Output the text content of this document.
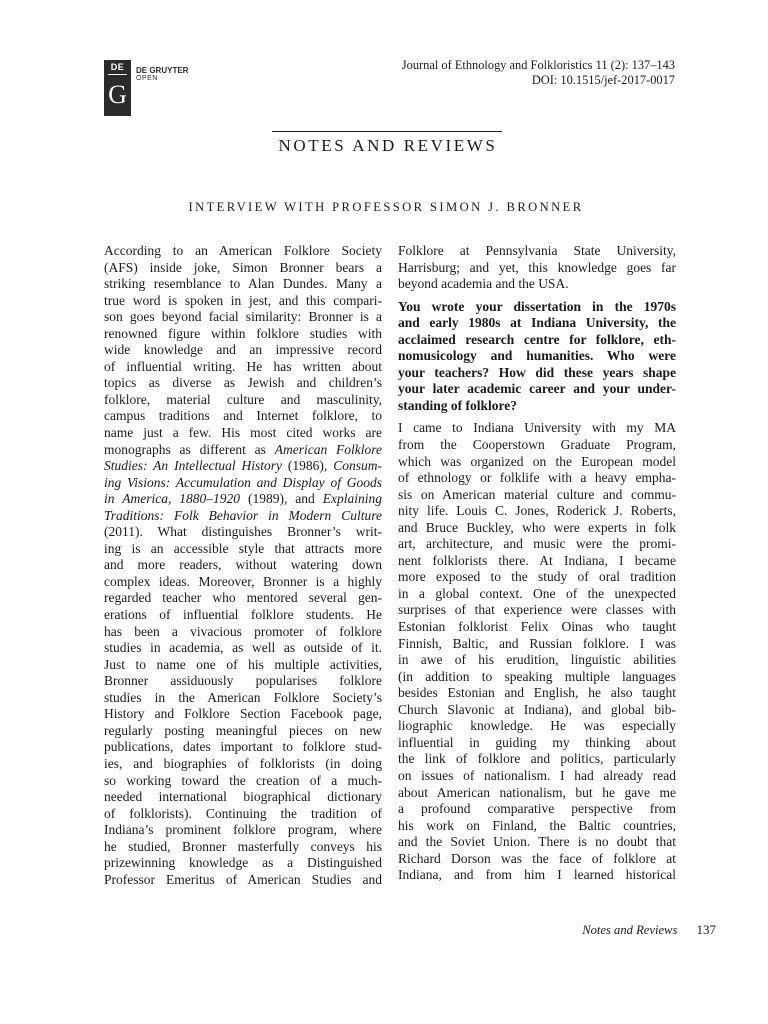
DE
G
DE GRUYTER
OPEN
Journal of Ethnology and Folkloristics 11 (2): 137–143
DOI: 10.1515/jef-2017-0017
NOTES AND REVIEWS
INTERVIEW WITH PROFESSOR SIMON J. BRONNER
According to an American Folklore Society
(AFS) inside joke, Simon Bronner bears a
striking resemblance to Alan Dundes. Many a
true word is spoken in jest, and this compari-
son goes beyond facial similarity: Bronner is a
renowned figure within folklore studies with
wide knowledge and an impressive record
of influential writing. He has written about
topics as diverse as Jewish and children’s
folklore, material culture and masculinity,
campus traditions and Internet folklore, to
name just a few. His most cited works are
monographs as different as American Folklore
Studies: An Intellectual History (1986), Consum-
ing Visions: Accumulation and Display of Goods
in America, 1880–1920 (1989), and Explaining
Traditions: Folk Behavior in Modern Culture
(2011). What distinguishes Bronner’s writ-
ing is an accessible style that attracts more
and more readers, without watering down
complex ideas. Moreover, Bronner is a highly
regarded teacher who mentored several gen-
erations of influential folklore students. He
has been a vivacious promoter of folklore
studies in academia, as well as outside of it.
Just to name one of his multiple activities,
Bronner assiduously popularises folklore
studies in the American Folklore Society’s
History and Folklore Section Facebook page,
regularly posting meaningful pieces on new
publications, dates important to folklore stud-
ies, and biographies of folklorists (in doing
so working toward the creation of a much-
needed international biographical dictionary
of folklorists). Continuing the tradition of
Indiana’s prominent folklore program, where
he studied, Bronner masterfully conveys his
prizewinning knowledge as a Distinguished
Professor Emeritus of American Studies and
Folklore at Pennsylvania State University,
Harrisburg; and yet, this knowledge goes far
beyond academia and the USA.
You wrote your dissertation in the 1970s
and early 1980s at Indiana University, the
acclaimed research centre for folklore, eth-
nomusicology and humanities. Who were
your teachers? How did these years shape
your later academic career and your under-
standing of folklore?
I came to Indiana University with my MA
from the Cooperstown Graduate Program,
which was organized on the European model
of ethnology or folklife with a heavy empha-
sis on American material culture and commu-
nity life. Louis C. Jones, Roderick J. Roberts,
and Bruce Buckley, who were experts in folk
art, architecture, and music were the promi-
nent folklorists there. At Indiana, I became
more exposed to the study of oral tradition
in a global context. One of the unexpected
surprises of that experience were classes with
Estonian folklorist Felix Oinas who taught
Finnish, Baltic, and Russian folklore. I was
in awe of his erudition, linguistic abilities
(in addition to speaking multiple languages
besides Estonian and English, he also taught
Church Slavonic at Indiana), and global bib-
liographic knowledge. He was especially
influential in guiding my thinking about
the link of folklore and politics, particularly
on issues of nationalism. I had already read
about American nationalism, but he gave me
a profound comparative perspective from
his work on Finland, the Baltic countries,
and the Soviet Union. There is no doubt that
Richard Dorson was the face of folklore at
Indiana, and from him I learned historical
Notes and Reviews 137
